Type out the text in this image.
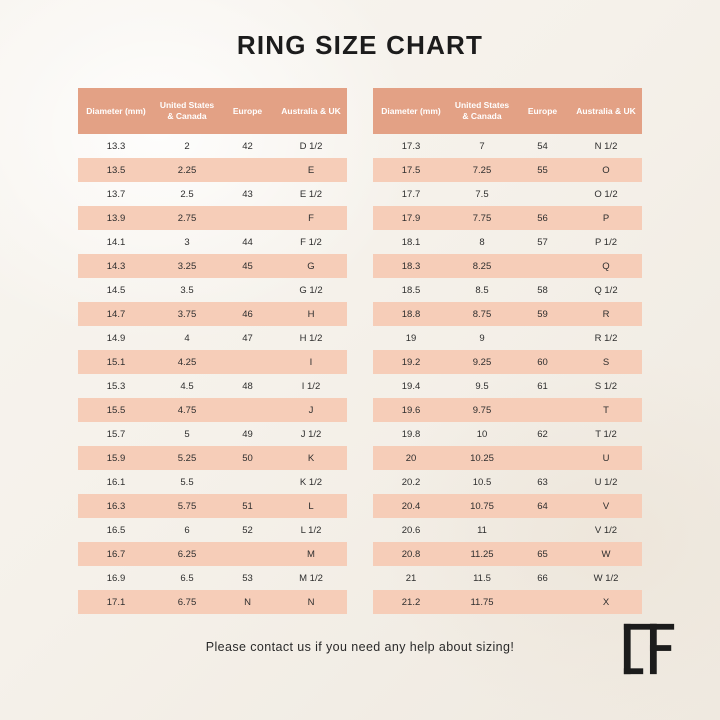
RING SIZE CHART
Diameter (mm)	United States & Canada	Europe	Australia & UK
13.3	2	42	D 1/2
13.5	2.25		E
13.7	2.5	43	E 1/2
13.9	2.75		F
14.1	3	44	F 1/2
14.3	3.25	45	G
14.5	3.5		G 1/2
14.7	3.75	46	H
14.9	4	47	H 1/2
15.1	4.25		I
15.3	4.5	48	I 1/2
15.5	4.75		J
15.7	5	49	J 1/2
15.9	5.25	50	K
16.1	5.5		K 1/2
16.3	5.75	51	L
16.5	6	52	L 1/2
16.7	6.25		M
16.9	6.5	53	M 1/2
17.1	6.75	N	N
Diameter (mm)	United States & Canada	Europe	Australia & UK
17.3	7	54	N 1/2
17.5	7.25	55	O
17.7	7.5		O 1/2
17.9	7.75	56	P
18.1	8	57	P 1/2
18.3	8.25		Q
18.5	8.5	58	Q 1/2
18.8	8.75	59	R
19	9		R 1/2
19.2	9.25	60	S
19.4	9.5	61	S 1/2
19.6	9.75		T
19.8	10	62	T 1/2
20	10.25		U
20.2	10.5	63	U 1/2
20.4	10.75	64	V
20.6	11		V 1/2
20.8	11.25	65	W
21	11.5	66	W 1/2
21.2	11.75		X
Please contact us if you need any help about sizing!
